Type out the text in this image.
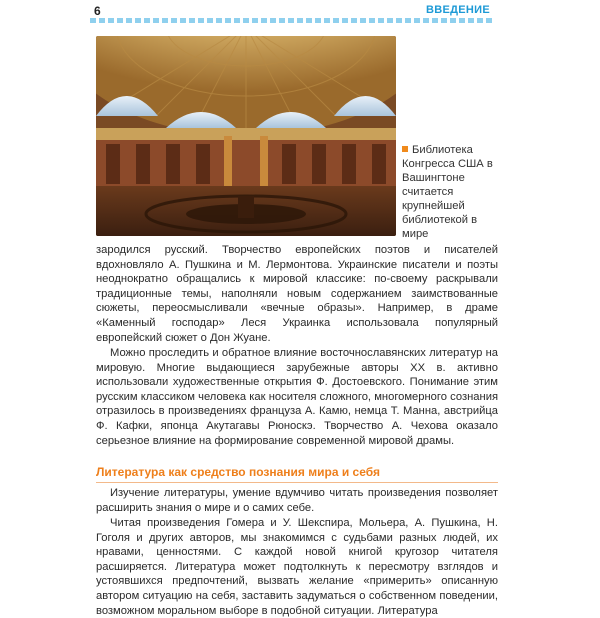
6	ВВЕДЕНИЕ
Библиотека Конгресса США в Вашингтоне считается крупнейшей библиотекой в мире

зародился русский. Творчество европейских поэтов и писателей вдохновляло А. Пушкина и М. Лермонтова. Украинские писатели и поэты неоднократно обращались к мировой классике: по-своему раскрывали традиционные темы, наполняли новым содержанием заимствованные сюжеты, переосмысливали «вечные образы». Например, в драме «Каменный господар» Леся Украинка использовала популярный европейский сюжет о Дон Жуане.

Можно проследить и обратное влияние восточнославянских литератур на мировую. Многие выдающиеся зарубежные авторы XX в. активно использовали художественные открытия Ф. Достоевского. Понимание этим русским классиком человека как носителя сложного, многомерного сознания отразилось в произведениях француза А. Камю, немца Т. Манна, австрийца Ф. Кафки, японца Акутагавы Рюноскэ. Творчество А. Чехова оказало серьезное влияние на формирование современной мировой драмы.

Литература как средство познания мира и себя

Изучение литературы, умение вдумчиво читать произведения позволяет расширить знания о мире и о самих себе.

Читая произведения Гомера и У. Шекспира, Мольера, А. Пушкина, Н. Гоголя и других авторов, мы знакомимся с судьбами разных людей, их нравами, ценностями. С каждой новой книгой кругозор читателя расширяется. Литература может подтолкнуть к пересмотру взглядов и устоявшихся предпочтений, вызвать желание «примерить» описанную автором ситуацию на себя, заставить задуматься о собственном поведении, возможном моральном выборе в подобной ситуации. Литература
